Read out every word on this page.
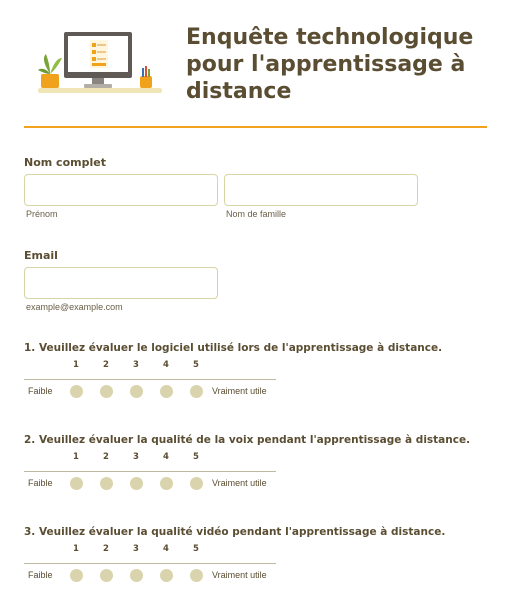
Enquête technologique pour l'apprentissage à distance

Nom complet

Prénom	Nom de famille

Email

example@example.com

1. Veuillez évaluer le logiciel utilisé lors de l'apprentissage à distance.

1	2	3	4	5
Faible	Vraiment utile

2. Veuillez évaluer la qualité de la voix pendant l'apprentissage à distance.

1	2	3	4	5
Faible	Vraiment utile

3. Veuillez évaluer la qualité vidéo pendant l'apprentissage à distance.

1	2	3	4	5
Faible	Vraiment utile
